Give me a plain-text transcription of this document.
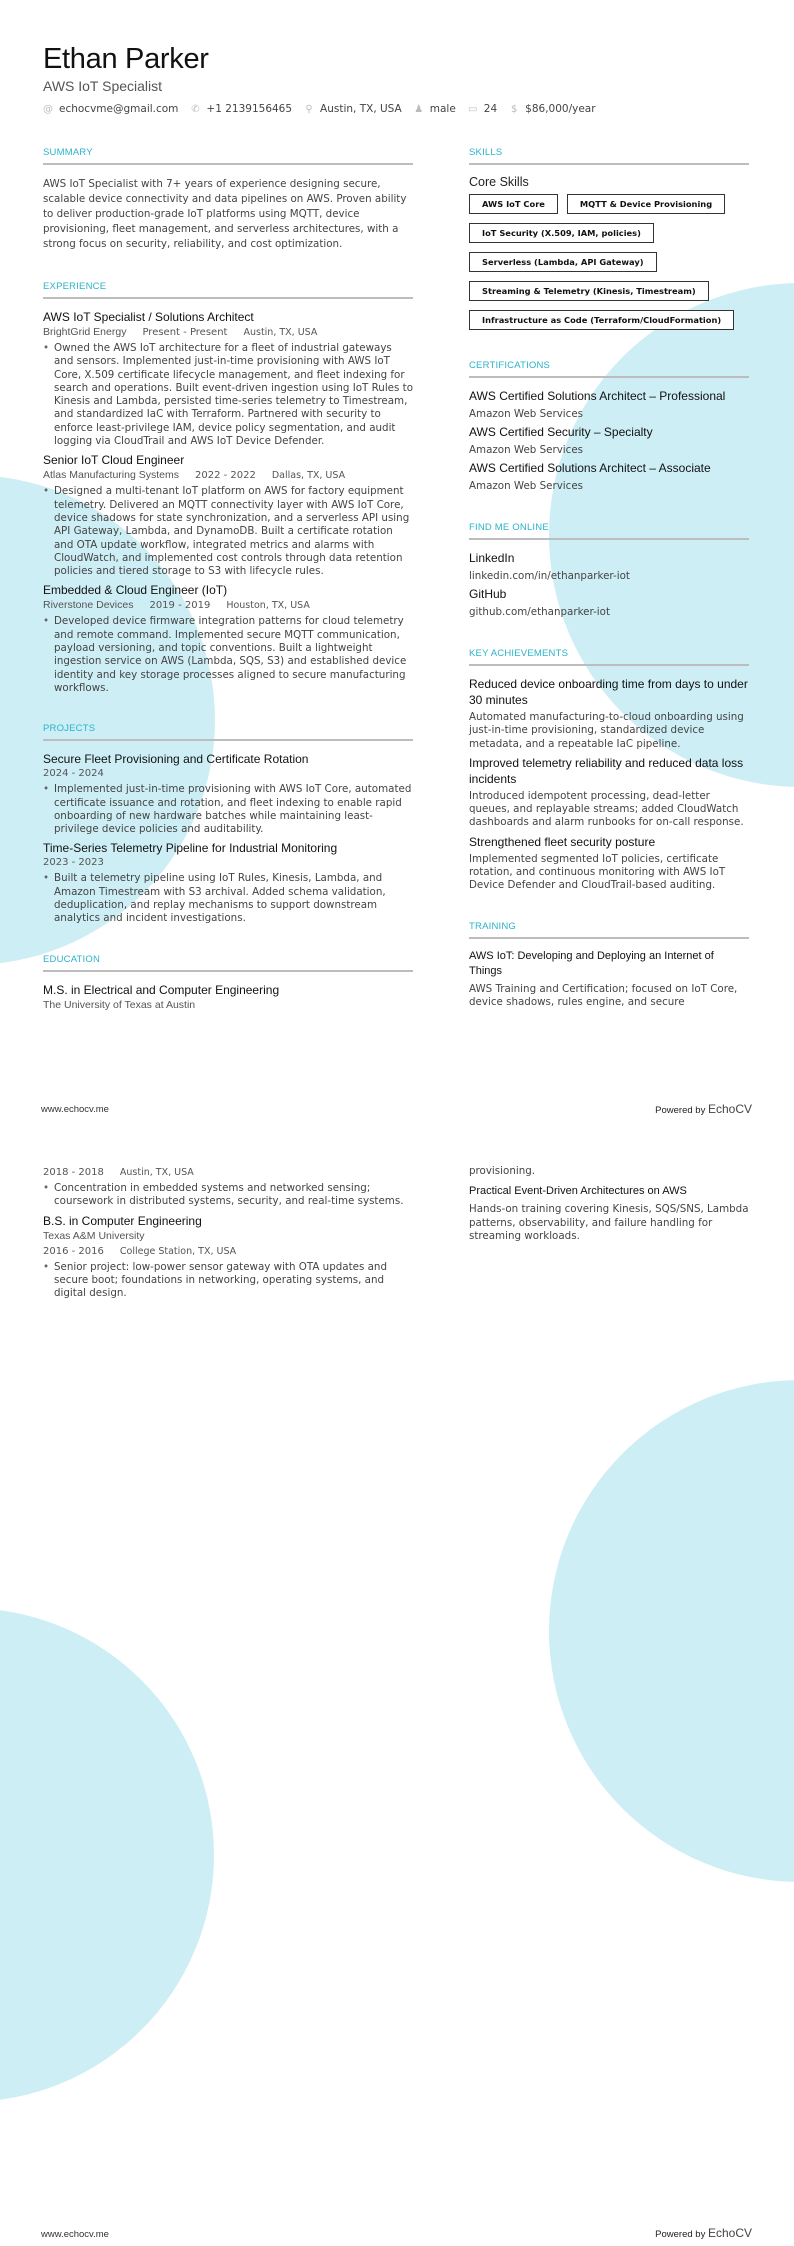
Ethan Parker
AWS IoT Specialist
@ echocvme@gmail.com ✆ +1 2139156465 ⚲ Austin, TX, USA ♟ male ▭ 24 $ $86,000/year
SUMMARY
AWS IoT Specialist with 7+ years of experience designing secure, scalable device connectivity and data pipelines on AWS. Proven ability to deliver production-grade IoT platforms using MQTT, device provisioning, fleet management, and serverless architectures, with a strong focus on security, reliability, and cost optimization.
EXPERIENCE
AWS IoT Specialist / Solutions Architect
BrightGrid Energy Present - Present Austin, TX, USA
• Owned the AWS IoT architecture for a fleet of industrial gateways and sensors. Implemented just-in-time provisioning with AWS IoT Core, X.509 certificate lifecycle management, and fleet indexing for search and operations. Built event-driven ingestion using IoT Rules to Kinesis and Lambda, persisted time-series telemetry to Timestream, and standardized IaC with Terraform. Partnered with security to enforce least-privilege IAM, device policy segmentation, and audit logging via CloudTrail and AWS IoT Device Defender.
Senior IoT Cloud Engineer
Atlas Manufacturing Systems 2022 - 2022 Dallas, TX, USA
• Designed a multi-tenant IoT platform on AWS for factory equipment telemetry. Delivered an MQTT connectivity layer with AWS IoT Core, device shadows for state synchronization, and a serverless API using API Gateway, Lambda, and DynamoDB. Built a certificate rotation and OTA update workflow, integrated metrics and alarms with CloudWatch, and implemented cost controls through data retention policies and tiered storage to S3 with lifecycle rules.
Embedded & Cloud Engineer (IoT)
Riverstone Devices 2019 - 2019 Houston, TX, USA
• Developed device firmware integration patterns for cloud telemetry and remote command. Implemented secure MQTT communication, payload versioning, and topic conventions. Built a lightweight ingestion service on AWS (Lambda, SQS, S3) and established device identity and key storage processes aligned to secure manufacturing workflows.
PROJECTS
Secure Fleet Provisioning and Certificate Rotation
2024 - 2024
• Implemented just-in-time provisioning with AWS IoT Core, automated certificate issuance and rotation, and fleet indexing to enable rapid onboarding of new hardware batches while maintaining least-privilege device policies and auditability.
Time-Series Telemetry Pipeline for Industrial Monitoring
2023 - 2023
• Built a telemetry pipeline using IoT Rules, Kinesis, Lambda, and Amazon Timestream with S3 archival. Added schema validation, deduplication, and replay mechanisms to support downstream analytics and incident investigations.
EDUCATION
M.S. in Electrical and Computer Engineering
The University of Texas at Austin
SKILLS
Core Skills
AWS IoT Core	MQTT & Device Provisioning
IoT Security (X.509, IAM, policies)
Serverless (Lambda, API Gateway)
Streaming & Telemetry (Kinesis, Timestream)
Infrastructure as Code (Terraform/CloudFormation)
CERTIFICATIONS
AWS Certified Solutions Architect – Professional
Amazon Web Services
AWS Certified Security – Specialty
Amazon Web Services
AWS Certified Solutions Architect – Associate
Amazon Web Services
FIND ME ONLINE
LinkedIn
linkedin.com/in/ethanparker-iot
GitHub
github.com/ethanparker-iot
KEY ACHIEVEMENTS
Reduced device onboarding time from days to under 30 minutes
Automated manufacturing-to-cloud onboarding using just-in-time provisioning, standardized device metadata, and a repeatable IaC pipeline.
Improved telemetry reliability and reduced data loss incidents
Introduced idempotent processing, dead-letter queues, and replayable streams; added CloudWatch dashboards and alarm runbooks for on-call response.
Strengthened fleet security posture
Implemented segmented IoT policies, certificate rotation, and continuous monitoring with AWS IoT Device Defender and CloudTrail-based auditing.
TRAINING
AWS IoT: Developing and Deploying an Internet of Things
AWS Training and Certification; focused on IoT Core, device shadows, rules engine, and secure
www.echocv.me	Powered by EchoCV
2018 - 2018 Austin, TX, USA
• Concentration in embedded systems and networked sensing; coursework in distributed systems, security, and real-time systems.
B.S. in Computer Engineering
Texas A&M University
2016 - 2016 College Station, TX, USA
• Senior project: low-power sensor gateway with OTA updates and secure boot; foundations in networking, operating systems, and digital design.
provisioning.
Practical Event-Driven Architectures on AWS
Hands-on training covering Kinesis, SQS/SNS, Lambda patterns, observability, and failure handling for streaming workloads.
www.echocv.me	Powered by EchoCV
